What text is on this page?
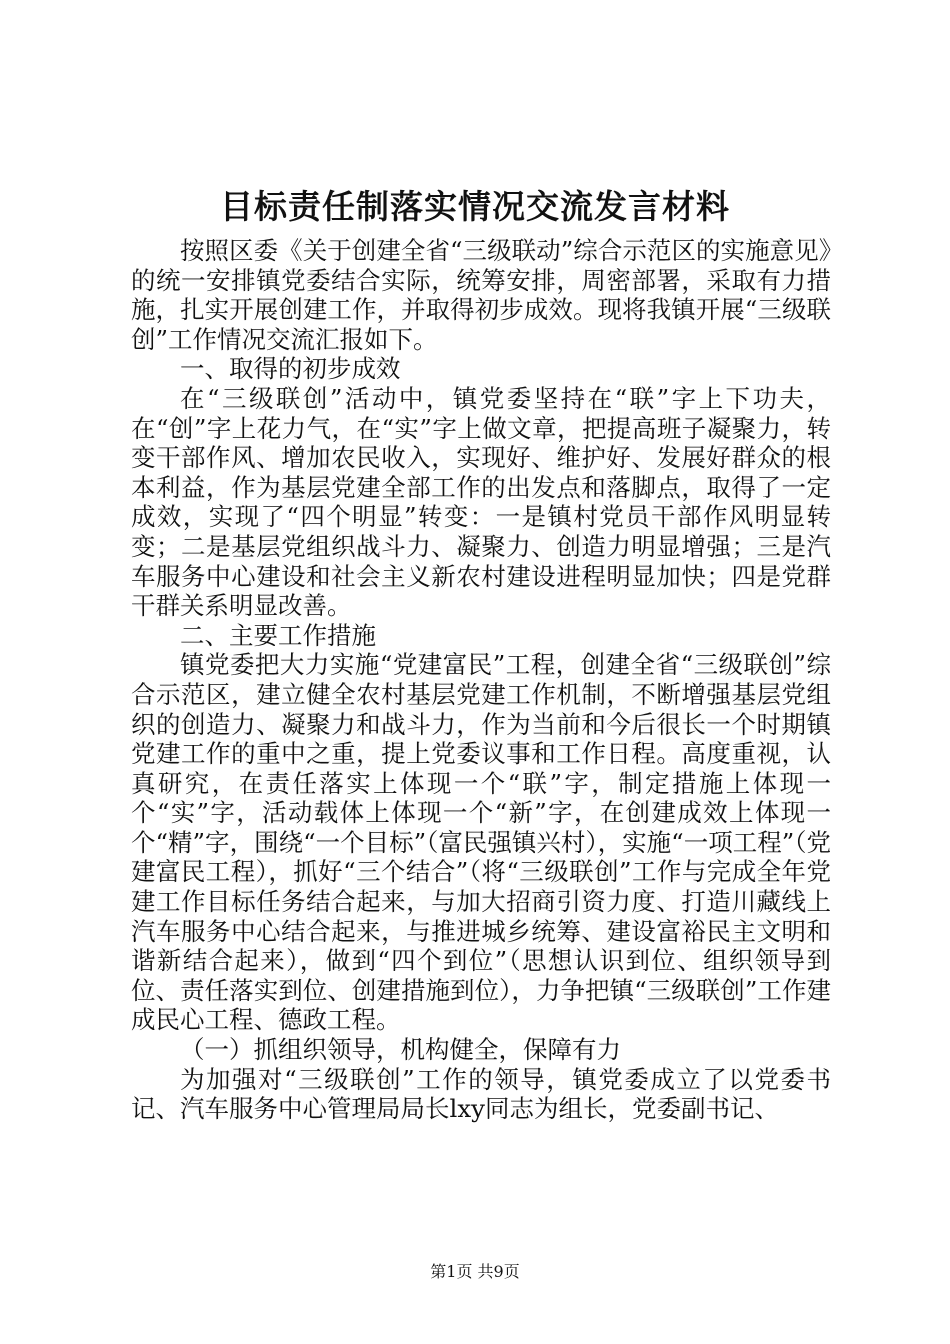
目标责任制落实情况交流发言材料

按照区委《关于创建全省“三级联动”综合示范区的实施意见》的统一安排镇党委结合实际，统筹安排，周密部署，采取有力措施，扎实开展创建工作，并取得初步成效。现将我镇开展“三级联创”工作情况交流汇报如下。

一、取得的初步成效

在“三级联创”活动中，镇党委坚持在“联”字上下功夫，在“创”字上花力气，在“实”字上做文章，把提高班子凝聚力，转变干部作风、增加农民收入，实现好、维护好、发展好群众的根本利益，作为基层党建全部工作的出发点和落脚点，取得了一定成效，实现了“四个明显”转变：一是镇村党员干部作风明显转变；二是基层党组织战斗力、凝聚力、创造力明显增强；三是汽车服务中心建设和社会主义新农村建设进程明显加快；四是党群干群关系明显改善。

二、主要工作措施

镇党委把大力实施“党建富民”工程，创建全省“三级联创”综合示范区，建立健全农村基层党建工作机制，不断增强基层党组织的创造力、凝聚力和战斗力，作为当前和今后很长一个时期镇党建工作的重中之重，提上党委议事和工作日程。高度重视，认真研究，在责任落实上体现一个“联”字，制定措施上体现一个“实”字，活动载体上体现一个“新”字，在创建成效上体现一个“精”字，围绕“一个目标”（富民强镇兴村），实施“一项工程”（党建富民工程），抓好“三个结合”（将“三级联创”工作与完成全年党建工作目标任务结合起来，与加大招商引资力度、打造川藏线上汽车服务中心结合起来，与推进城乡统筹、建设富裕民主文明和谐新结合起来），做到“四个到位”（思想认识到位、组织领导到位、责任落实到位、创建措施到位），力争把镇“三级联创”工作建成民心工程、德政工程。

（一）抓组织领导，机构健全，保障有力

为加强对“三级联创”工作的领导，镇党委成立了以党委书记、汽车服务中心管理局局长lxy同志为组长，党委副书记、

第1页 共9页
